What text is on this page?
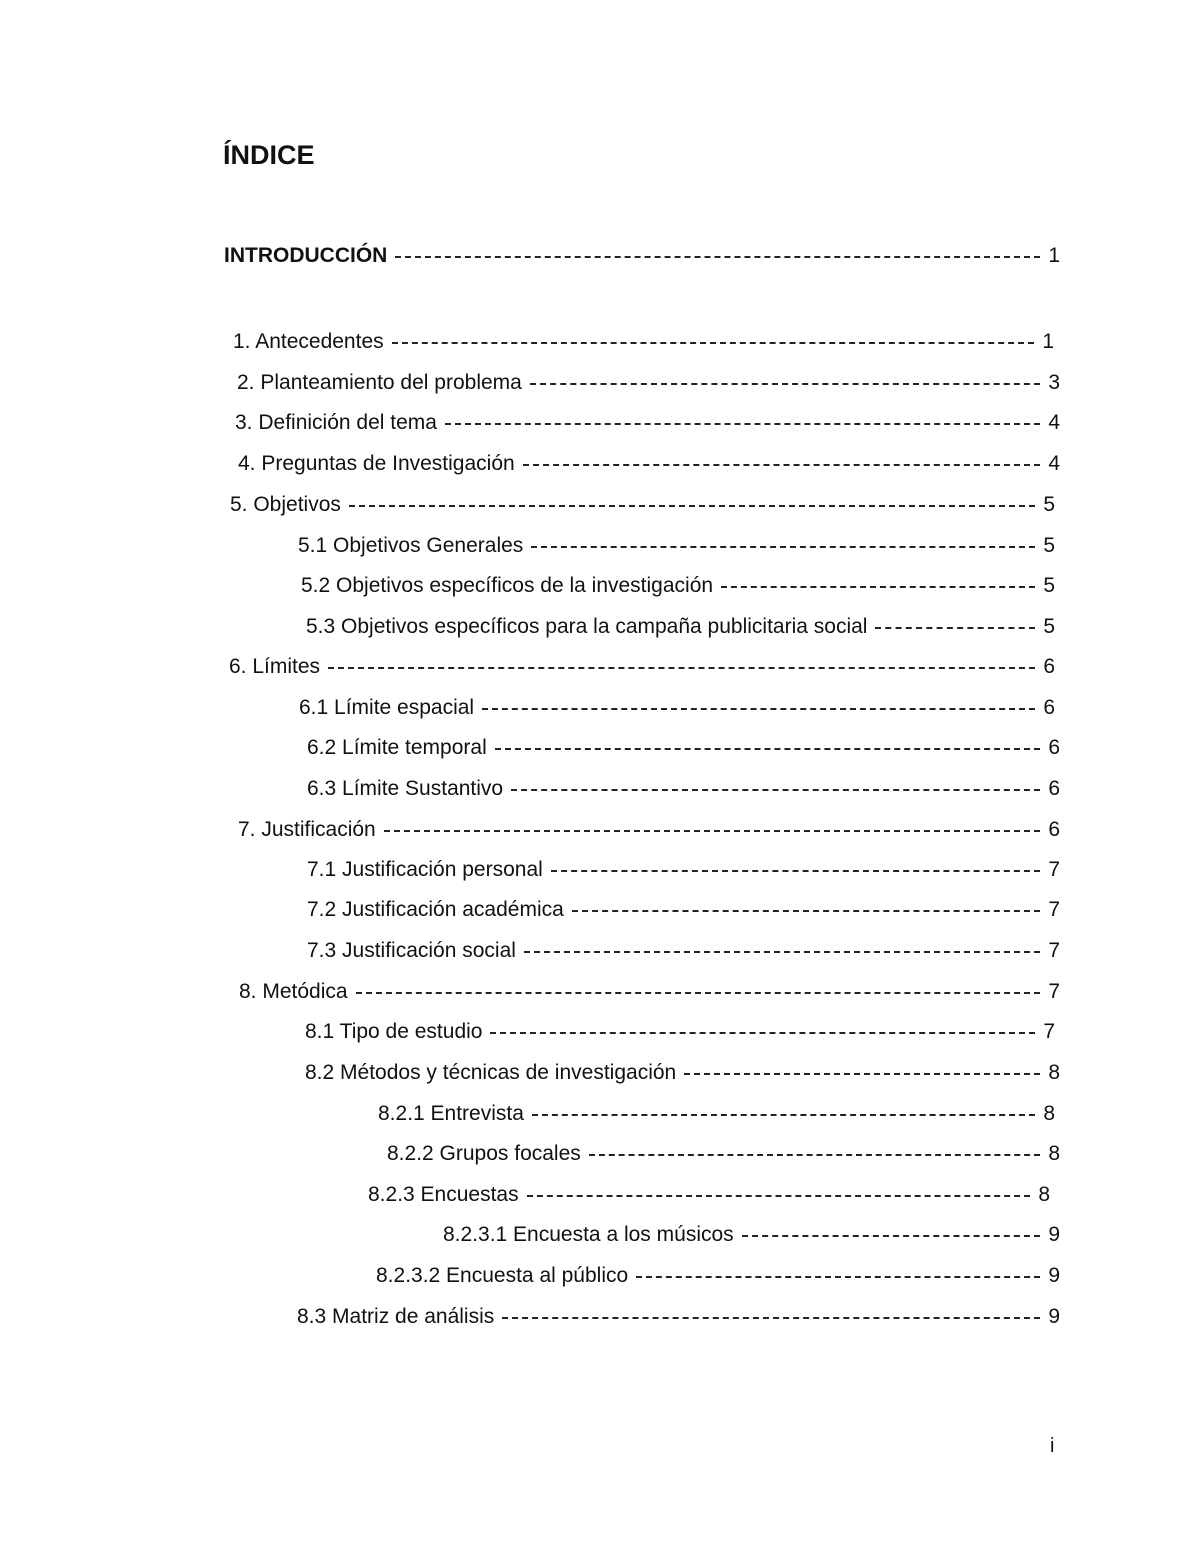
ÍNDICE
INTRODUCCIÓN	1
1. Antecedentes	1
2. Planteamiento del problema	3
3. Definición del tema	4
4. Preguntas de Investigación	4
5. Objetivos	5
5.1 Objetivos Generales	5
5.2 Objetivos específicos de la investigación	5
5.3 Objetivos específicos para la campaña publicitaria social	5
6. Límites	6
6.1 Límite espacial	6
6.2 Límite temporal	6
6.3 Límite Sustantivo	6
7. Justificación	6
7.1 Justificación personal	7
7.2 Justificación académica	7
7.3 Justificación social	7
8. Metódica	7
8.1 Tipo de estudio	7
8.2 Métodos y técnicas de investigación	8
8.2.1 Entrevista	8
8.2.2 Grupos focales	8
8.2.3 Encuestas	8
8.2.3.1 Encuesta a los músicos	9
8.2.3.2 Encuesta al público	9
8.3 Matriz de análisis	9
i
